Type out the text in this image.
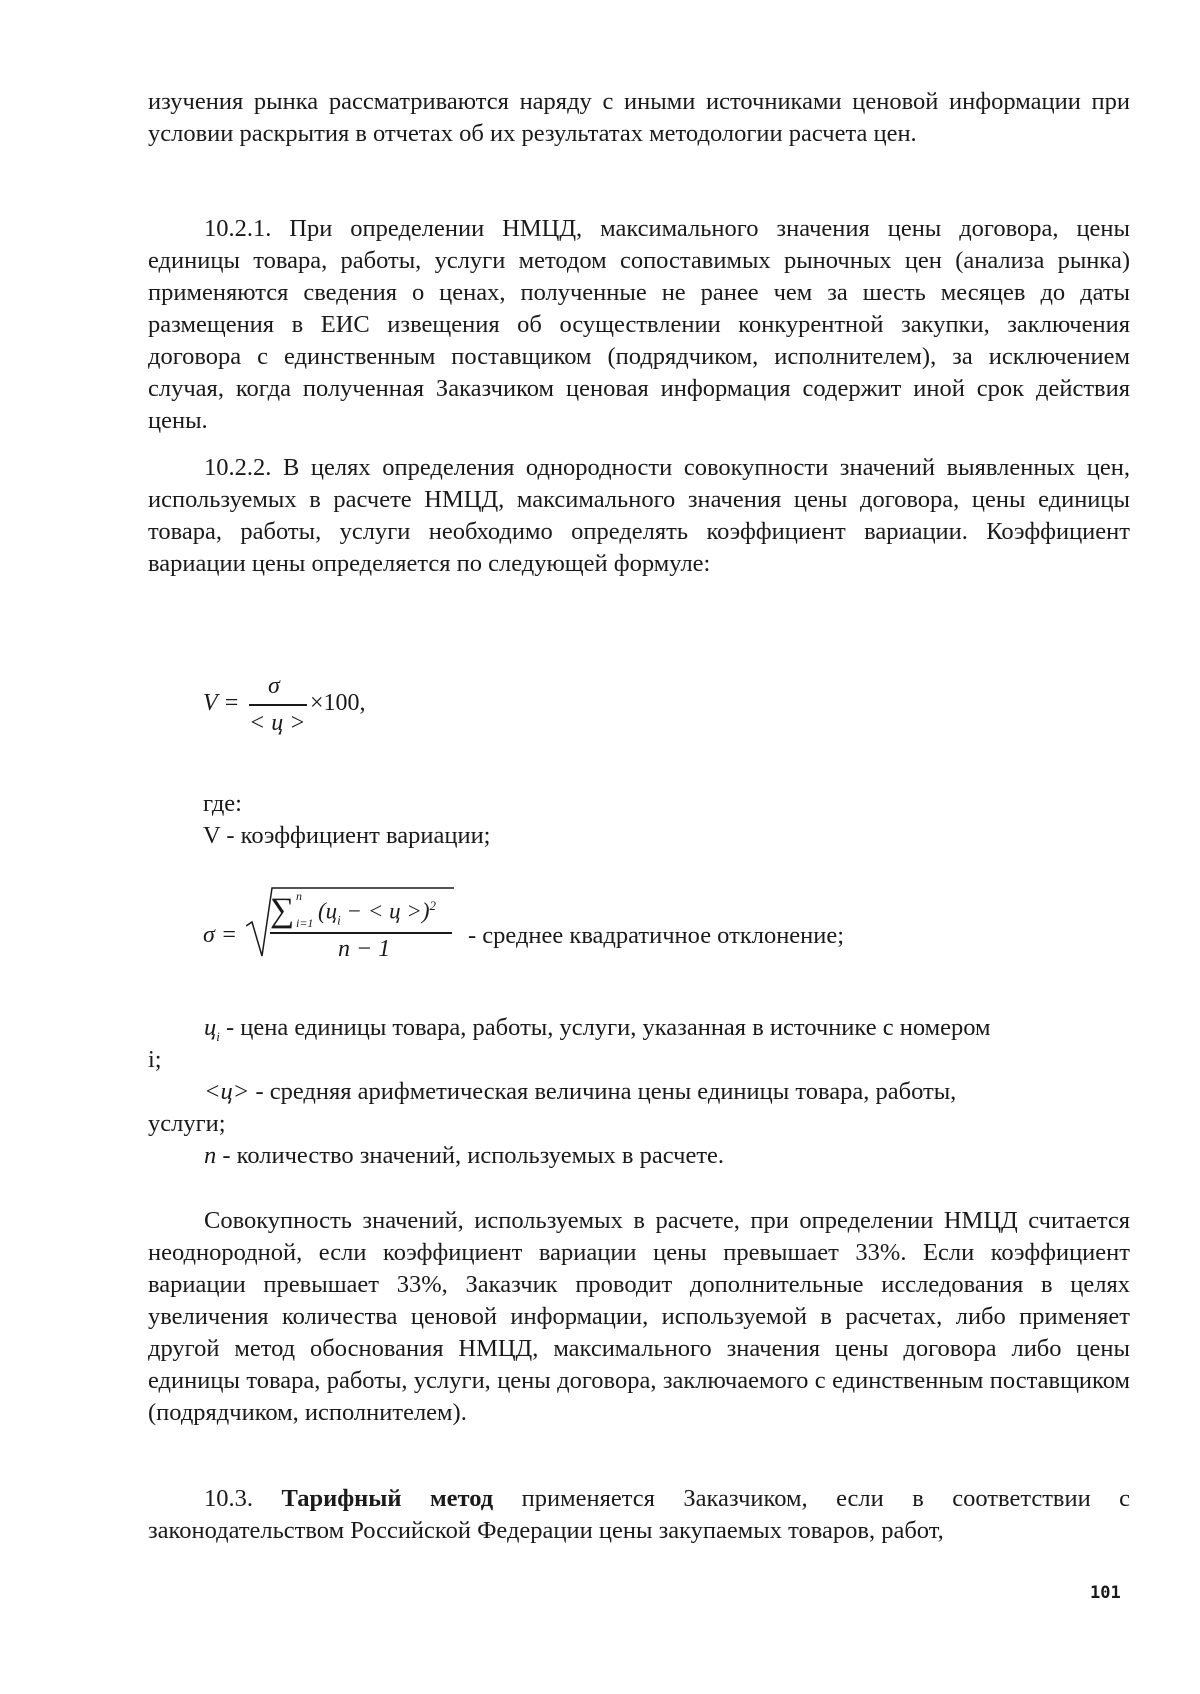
изучения рынка рассматриваются наряду с иными источниками ценовой информации при условии раскрытия в отчетах об их результатах методологии расчета цен.

10.2.1. При определении НМЦД, максимального значения цены договора, цены единицы товара, работы, услуги методом сопоставимых рыночных цен (анализа рынка) применяются сведения о ценах, полученные не ранее чем за шесть месяцев до даты размещения в ЕИС извещения об осуществлении конкурентной закупки, заключения договора с единственным поставщиком (подрядчиком, исполнителем), за исключением случая, когда полученная Заказчиком ценовая информация содержит иной срок действия цены.

10.2.2. В целях определения однородности совокупности значений выявленных цен, используемых в расчете НМЦД, максимального значения цены договора, цены единицы товара, работы, услуги необходимо определять коэффициент вариации. Коэффициент вариации цены определяется по следующей формуле:

V =
σ
< ц >
×100,

где:

V - коэффициент вариации;

σ =
∑ n
i=1 ($ц_i$ − < ц >)$^2$
n − 1	- среднее квадратичное отклонение;

$ц_i$ - цена единицы товара, работы, услуги, указанная в источнике с номером

i;

<ц> - средняя арифметическая величина цены единицы товара, работы,

услуги;

n - количество значений, используемых в расчете.

Совокупность значений, используемых в расчете, при определении НМЦД считается неоднородной, если коэффициент вариации цены превышает 33%. Если коэффициент вариации превышает 33%, Заказчик проводит дополнительные исследования в целях увеличения количества ценовой информации, используемой в расчетах, либо применяет другой метод обоснования НМЦД, максимального значения цены договора либо цены единицы товара, работы, услуги, цены договора, заключаемого с единственным поставщиком (подрядчиком, исполнителем).

10.3. Тарифный метод применяется Заказчиком, если в соответствии с законодательством Российской Федерации цены закупаемых товаров, работ,

101
